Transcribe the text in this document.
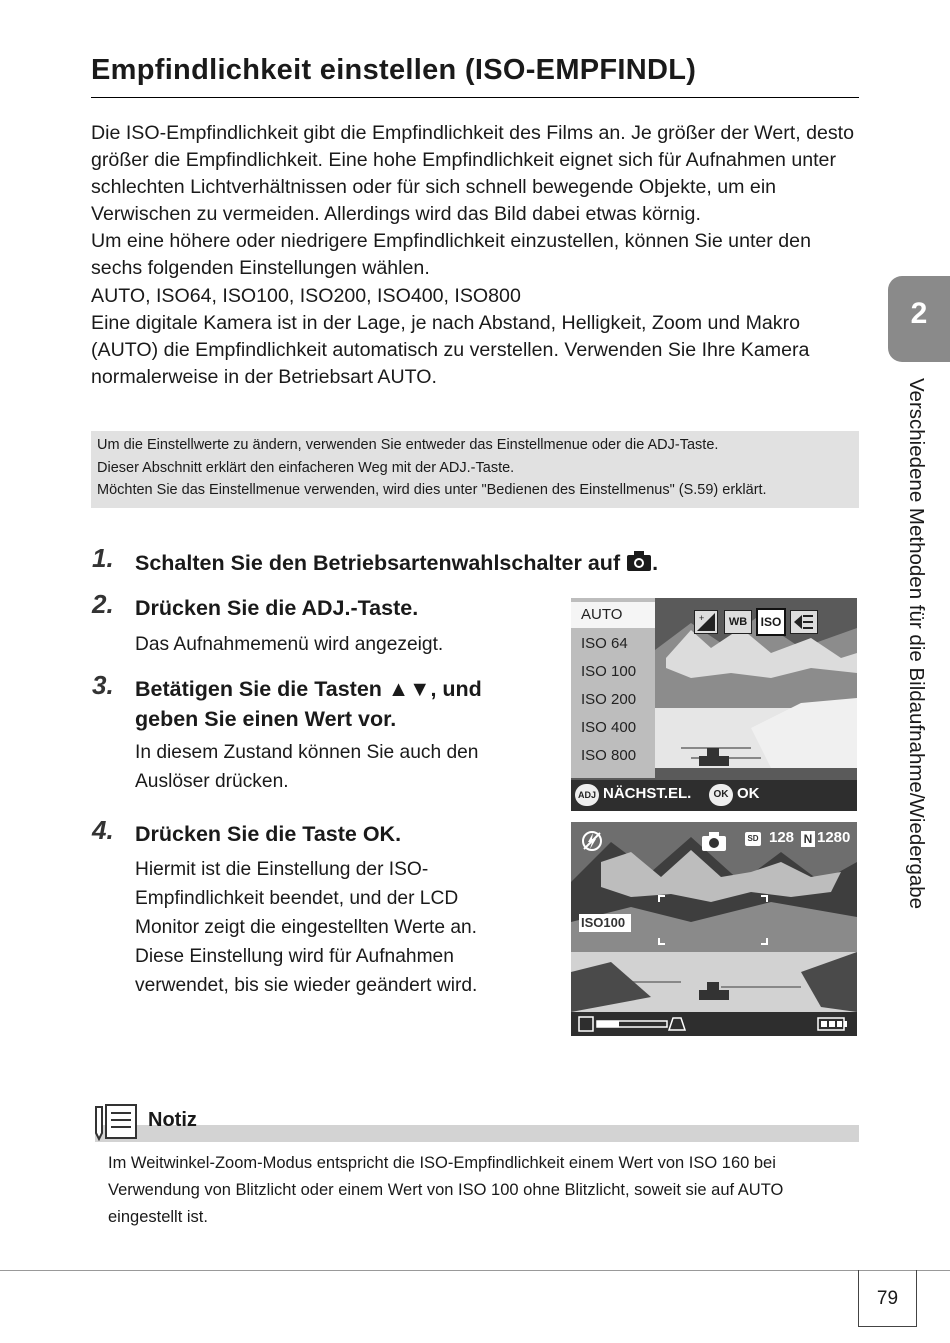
Empfindlichkeit einstellen (ISO-EMPFINDL)

Die ISO-Empfindlichkeit gibt die Empfindlichkeit des Films an. Je größer der Wert, desto größer die Empfindlichkeit. Eine hohe Empfindlichkeit eignet sich für Aufnahmen unter schlechten Lichtverhältnissen oder für sich schnell bewegende Objekte, um ein Verwischen zu vermeiden. Allerdings wird das Bild dabei etwas körnig.

Um eine höhere oder niedrigere Empfindlichkeit einzustellen, können Sie unter den sechs folgenden Einstellungen wählen.

AUTO, ISO64, ISO100, ISO200, ISO400, ISO800

Eine digitale Kamera ist in der Lage, je nach Abstand, Helligkeit, Zoom und Makro (AUTO) die Empfindlichkeit automatisch zu verstellen. Verwenden Sie Ihre Kamera normalerweise in der Betriebsart AUTO.

Um die Einstellwerte zu ändern, verwenden Sie entweder das Einstellmenue oder die ADJ-Taste.

Dieser Abschnitt erklärt den einfacheren Weg mit der ADJ.-Taste.

Möchten Sie das Einstellmenue verwenden, wird dies unter "Bedienen des Einstellmenus" (S.59) erklärt.

1. Schalten Sie den Betriebsartenwahlschalter auf .
2. Drücken Sie die ADJ.-Taste.
Das Aufnahmemenü wird angezeigt.
3. Betätigen Sie die Tasten ▲▼, und
geben Sie einen Wert vor.
In diesem Zustand können Sie auch den
Auslöser drücken.
4. Drücken Sie die Taste OK.
Hiermit ist die Einstellung der ISO-
Empfindlichkeit beendet, und der LCD
Monitor zeigt die eingestellten Werte an.
Diese Einstellung wird für Aufnahmen
verwendet, bis sie wieder geändert wird.
AUTO
ISO 64
ISO 100
ISO 200
ISO 400
ISO 800
+	WB	ISO
ADJ NÄCHST.EL.	OK OK
SD 128 N 1280
ISO100
2
Verschiedene Methoden für die Bildaufnahme/Wiedergabe
Notiz
Im Weitwinkel-Zoom-Modus entspricht die ISO-Empfindlichkeit einem Wert von ISO 160 bei
Verwendung von Blitzlicht oder einem Wert von ISO 100 ohne Blitzlicht, soweit sie auf AUTO
eingestellt ist.
79
